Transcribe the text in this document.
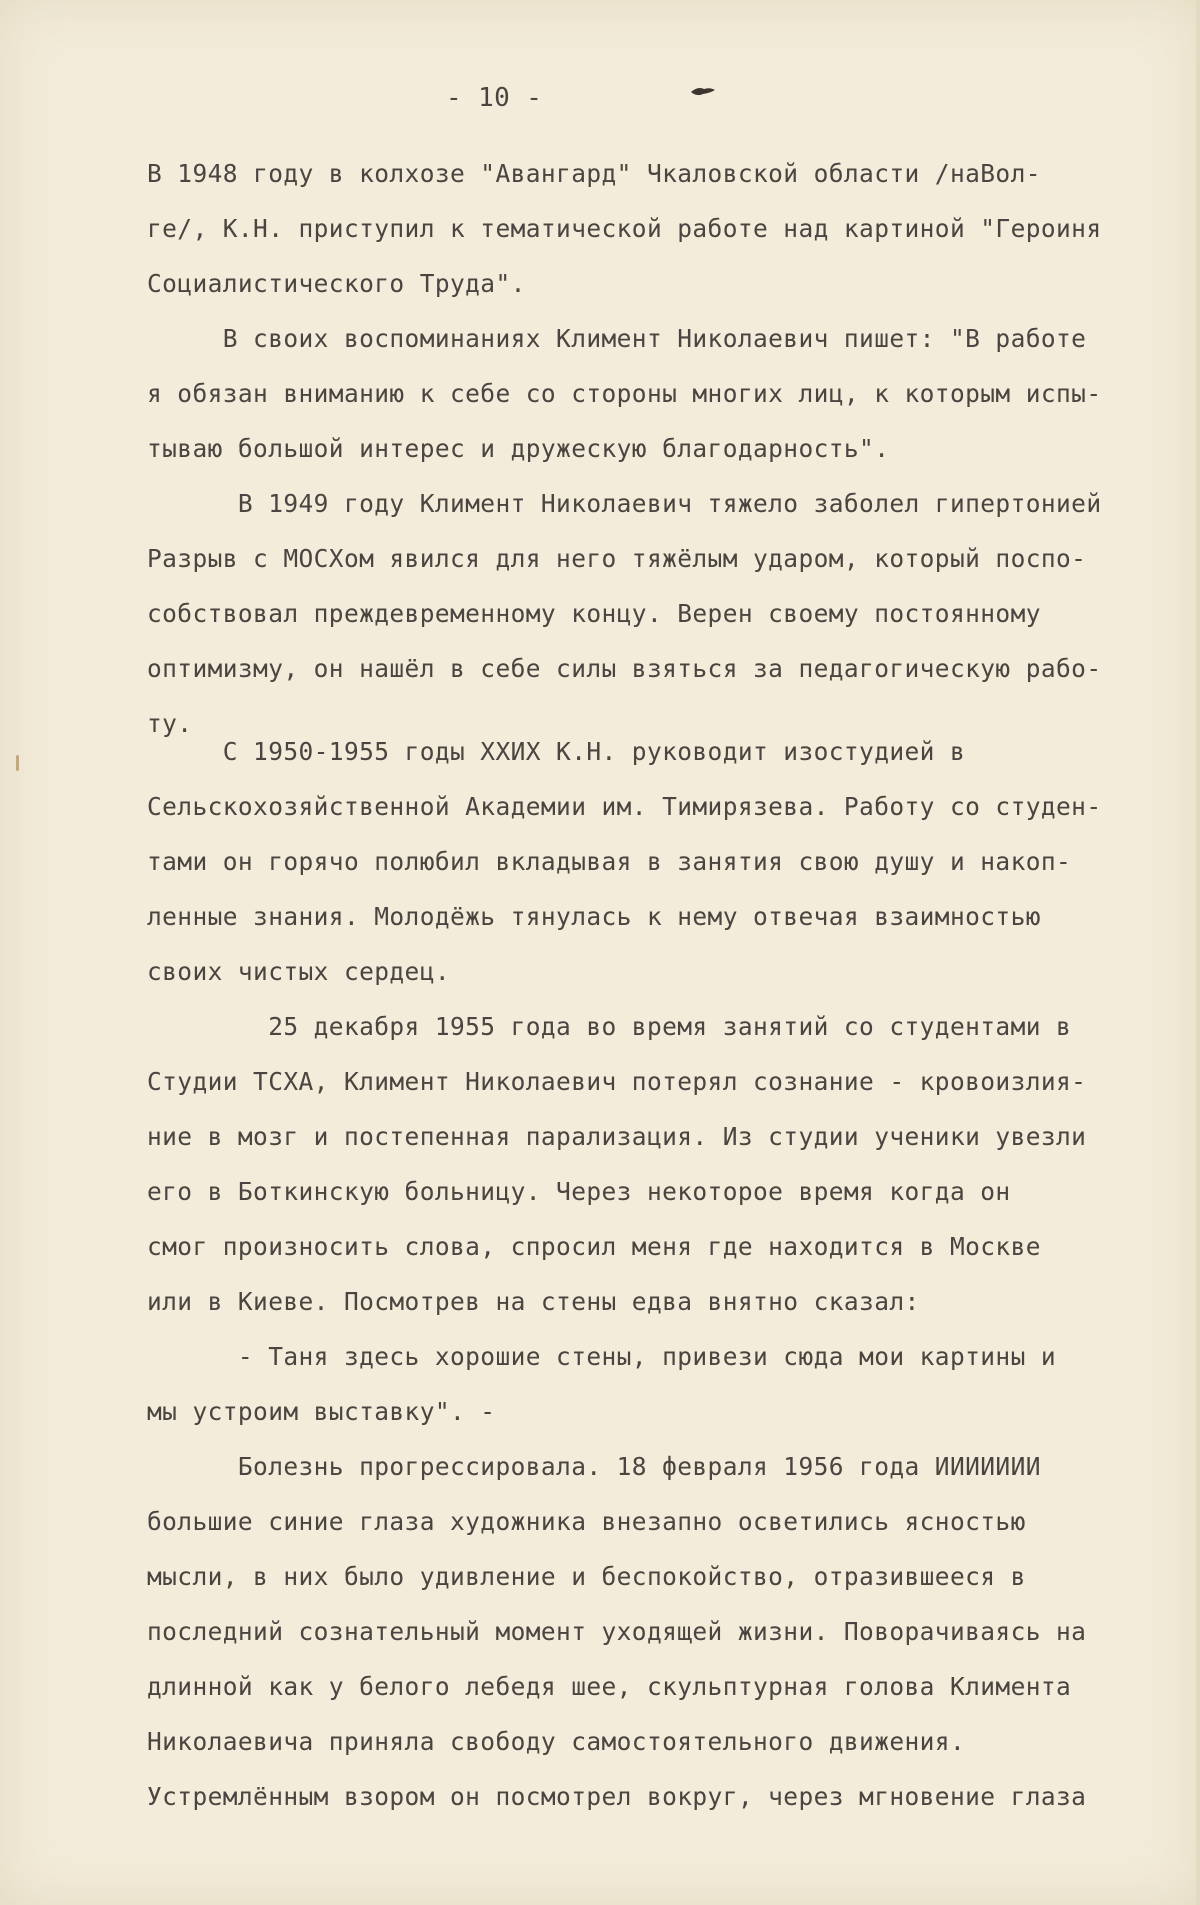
- 10 -
В 1948 году в колхозе "Авангард" Чкаловской области /наВол-
ге/, К.Н. приступил к тематической работе над картиной "Героиня
Социалистического Труда".
В своих воспоминаниях Климент Николаевич пишет: "В работе
я обязан вниманию к себе со стороны многих лиц, к которым испы-
тываю большой интерес и дружескую благодарность".
В 1949 году Климент Николаевич тяжело заболел гипертонией
Разрыв с МОСХом явился для него тяжёлым ударом, который поспо-
собствовал преждевременному концу. Верен своему постоянному
оптимизму, он нашёл в себе силы взяться за педагогическую рабо-
ту.
С 1950-1955 годы ХХИХ К.Н. руководит изостудией в
Сельскохозяйственной Академии им. Тимирязева. Работу со студен-
тами он горячо полюбил вкладывая в занятия свою душу и накоп-
ленные знания. Молодёжь тянулась к нему отвечая взаимностью
своих чистых сердец.
25 декабря 1955 года во время занятий со студентами в
Студии ТСХА, Климент Николаевич потерял сознание - кровоизлия-
ние в мозг и постепенная парализация. Из студии ученики увезли
его в Боткинскую больницу. Через некоторое время когда он
смог произносить слова, спросил меня где находится в Москве
или в Киеве. Посмотрев на стены едва внятно сказал:
- Таня здесь хорошие стены, привези сюда мои картины и
мы устроим выставку". -
Болезнь прогрессировала. 18 февраля 1956 года ИИИИИИИ
большие синие глаза художника внезапно осветились ясностью
мысли, в них было удивление и беспокойство, отразившееся в
последний сознательный момент уходящей жизни. Поворачиваясь на
длинной как у белого лебедя шее, скульптурная голова Климента
Николаевича приняла свободу самостоятельного движения.
Устремлённым взором он посмотрел вокруг, через мгновение глаза
